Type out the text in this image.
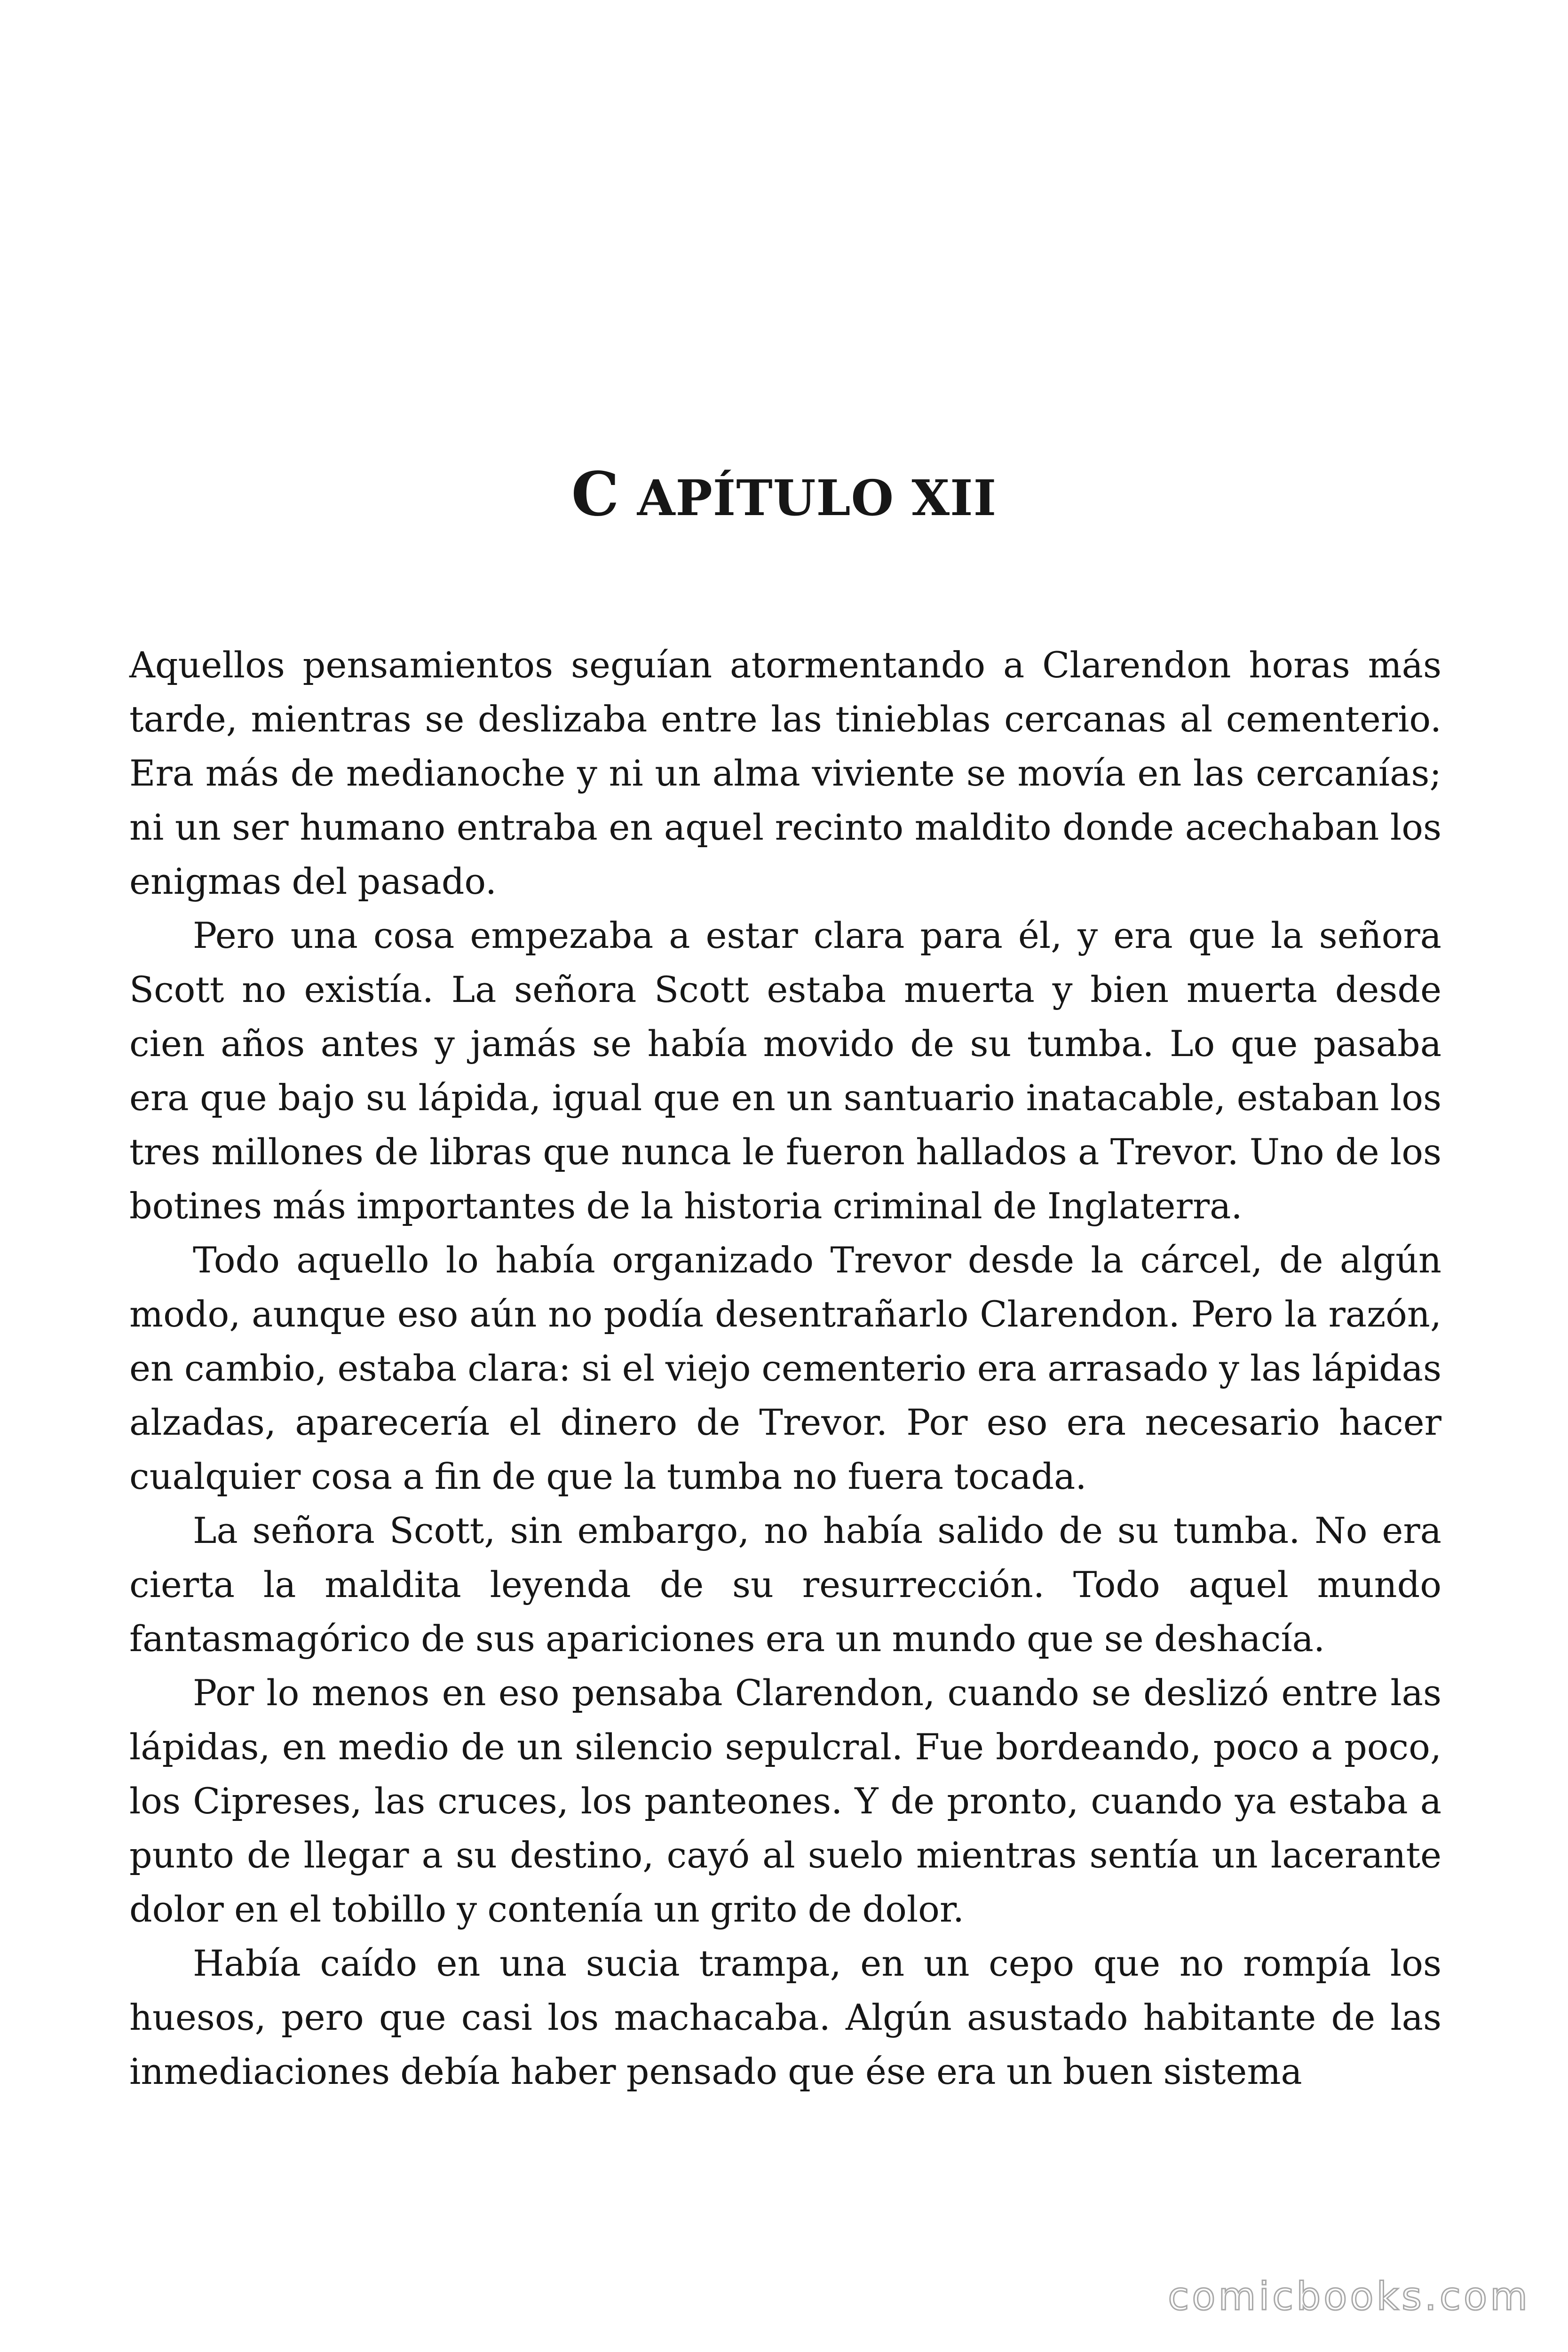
C APÍTULO XII

Aquellos pensamientos seguían atormentando a Clarendon horas más tarde, mientras se deslizaba entre las tinieblas cercanas al cementerio. Era más de medianoche y ni un alma viviente se movía en las cercanías; ni un ser humano entraba en aquel recinto maldito donde acechaban los enigmas del pasado.

Pero una cosa empezaba a estar clara para él, y era que la señora Scott no existía. La señora Scott estaba muerta y bien muerta desde cien años antes y jamás se había movido de su tumba. Lo que pasaba era que bajo su lápida, igual que en un santuario inatacable, estaban los tres millones de libras que nunca le fueron hallados a Trevor. Uno de los botines más importantes de la historia criminal de Inglaterra.

Todo aquello lo había organizado Trevor desde la cárcel, de algún modo, aunque eso aún no podía desentrañarlo Clarendon. Pero la razón, en cambio, estaba clara: si el viejo cementerio era arrasado y las lápidas alzadas, aparecería el dinero de Trevor. Por eso era necesario hacer cualquier cosa a fin de que la tumba no fuera tocada.

La señora Scott, sin embargo, no había salido de su tumba. No era cierta la maldita leyenda de su resurrección. Todo aquel mundo fantasmagórico de sus apariciones era un mundo que se deshacía.

Por lo menos en eso pensaba Clarendon, cuando se deslizó entre las lápidas, en medio de un silencio sepulcral. Fue bordeando, poco a poco, los Cipreses, las cruces, los panteones. Y de pronto, cuando ya estaba a punto de llegar a su destino, cayó al suelo mientras sentía un lacerante dolor en el tobillo y contenía un grito de dolor.

Había caído en una sucia trampa, en un cepo que no rompía los huesos, pero que casi los machacaba. Algún asustado habitante de las inmediaciones debía haber pensado que ése era un buen sistema

comicbooks.com
